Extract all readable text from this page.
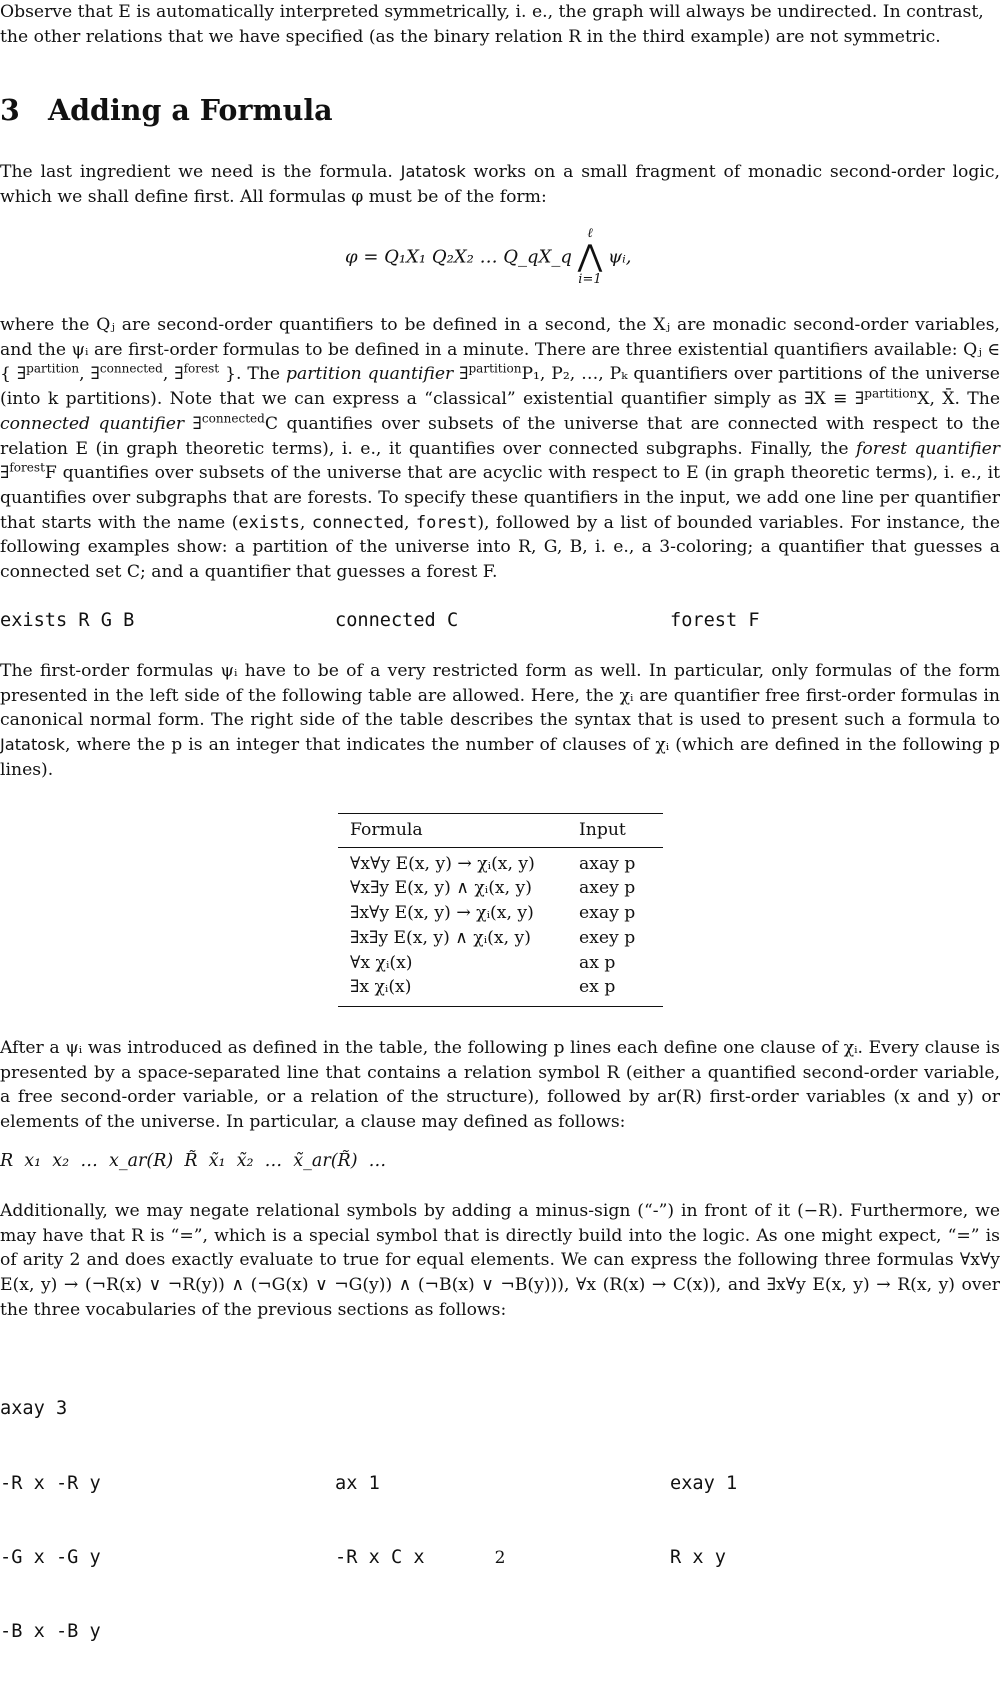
Observe that E is automatically interpreted symmetrically, i. e., the graph will always be undirected. In contrast,

the other relations that we have specified (as the binary relation R in the third example) are not symmetric.

3 Adding a Formula

The last ingredient we need is the formula. Jatatosk works on a small fragment of monadic second-order logic, which we shall define first. All formulas φ must be of the form:

φ = Q₁X₁ Q₂X₂ … Q_qX_q
ℓ
⋀
i=1
ψᵢ,

where the Qⱼ are second-order quantifiers to be defined in a second, the Xⱼ are monadic second-order variables, and the ψᵢ are first-order formulas to be defined in a minute. There are three existential quantifiers available: Qⱼ ∈ { ∃$^{partition}$, ∃$^{connected}$, ∃$^{forest}$ }. The partition quantifier ∃$^{partition}$P₁, P₂, …, Pₖ quantifiers over partitions of the universe (into k partitions). Note that we can express a “classical” existential quantifier simply as ∃X ≡ ∃$^{partition}$X, X̄. The connected quantifier ∃$^{connected}$C quantifies over subsets of the universe that are connected with respect to the relation E (in graph theoretic terms), i. e., it quantifies over connected subgraphs. Finally, the forest quantifier ∃$^{forest}$F quantifies over subsets of the universe that are acyclic with respect to E (in graph theoretic terms), i. e., it quantifies over subgraphs that are forests. To specify these quantifiers in the input, we add one line per quantifier that starts with the name (exists, connected, forest), followed by a list of bounded variables. For instance, the following examples show: a partition of the universe into R, G, B, i. e., a 3-coloring; a quantifier that guesses a connected set C; and a quantifier that guesses a forest F.

exists R G B	connected C	forest F

The first-order formulas ψᵢ have to be of a very restricted form as well. In particular, only formulas of the form presented in the left side of the following table are allowed. Here, the χᵢ are quantifier free first-order formulas in canonical normal form. The right side of the table describes the syntax that is used to present such a formula to Jatatosk, where the p is an integer that indicates the number of clauses of χᵢ (which are defined in the following p lines).

Formula	Input
∀x∀y E(x, y) → χᵢ(x, y)	axay p
∀x∃y E(x, y) ∧ χᵢ(x, y)	axey p
∃x∀y E(x, y) → χᵢ(x, y)	exay p
∃x∃y E(x, y) ∧ χᵢ(x, y)	exey p
∀x χᵢ(x)	ax p
∃x χᵢ(x)	ex p

After a ψᵢ was introduced as defined in the table, the following p lines each define one clause of χᵢ. Every clause is presented by a space-separated line that contains a relation symbol R (either a quantified second-order variable, a free second-order variable, or a relation of the structure), followed by ar(R) first-order variables (x and y) or elements of the universe. In particular, a clause may defined as follows:

R  x₁  x₂  …  x_ar(R)  R̃  x̃₁  x̃₂  …  x̃_ar(R̃)  …

Additionally, we may negate relational symbols by adding a minus-sign (“-”) in front of it (−R). Furthermore, we may have that R is “=”, which is a special symbol that is directly build into the logic. As one might expect, “=” is of arity 2 and does exactly evaluate to true for equal elements. We can express the following three formulas ∀x∀y E(x, y) → (¬R(x) ∨ ¬R(y)) ∧ (¬G(x) ∨ ¬G(y)) ∧ (¬B(x) ∨ ¬B(y))), ∀x (R(x) → C(x)), and ∃x∀y E(x, y) → R(x, y) over the three vocabularies of the previous sections as follows:

axay 3

-R x -R y

-G x -G y

-B x -B y

ax 1

-R x C x

exay 1

R x y

2
